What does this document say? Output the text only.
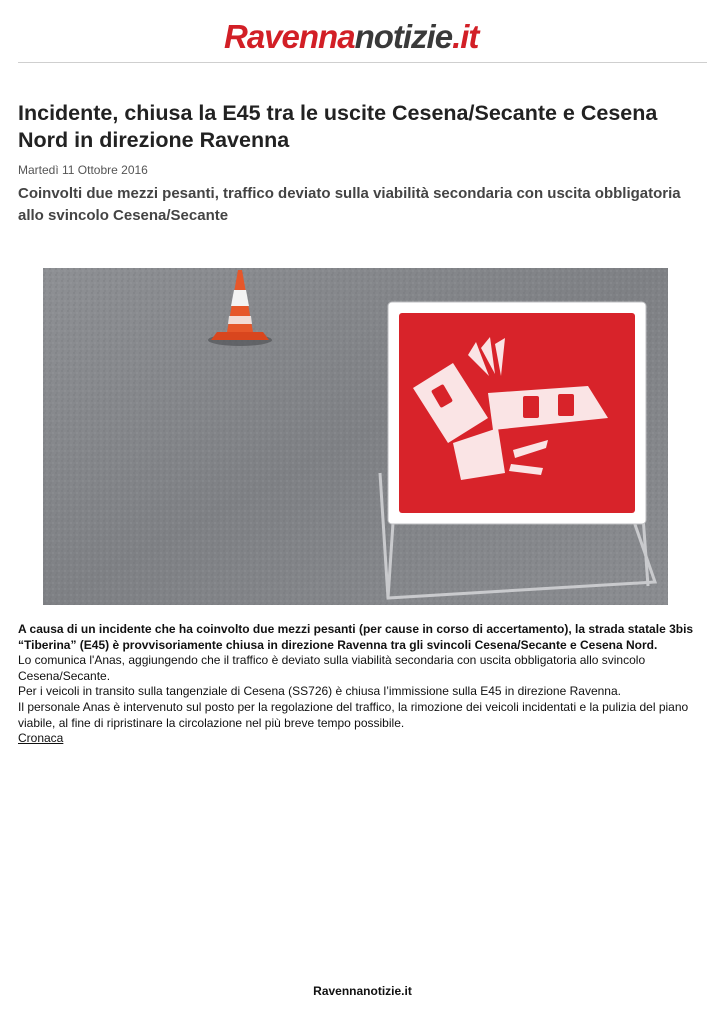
Ravennanotizie.it
Incidente, chiusa la E45 tra le uscite Cesena/Secante e Cesena Nord in direzione Ravenna
Martedì 11 Ottobre 2016

Coinvolti due mezzi pesanti, traffico deviato sulla viabilità secondaria con uscita obbligatoria allo svincolo Cesena/Secante

A causa di un incidente che ha coinvolto due mezzi pesanti (per cause in corso di accertamento), la strada statale 3bis “Tiberina” (E45) è provvisoriamente chiusa in direzione Ravenna tra gli svincoli Cesena/Secante e Cesena Nord.

Lo comunica l'Anas, aggiungendo che il traffico è deviato sulla viabilità secondaria con uscita obbligatoria allo svincolo Cesena/Secante.

Per i veicoli in transito sulla tangenziale di Cesena (SS726) è chiusa l’immissione sulla E45 in direzione Ravenna.

Il personale Anas è intervenuto sul posto per la regolazione del traffico, la rimozione dei veicoli incidentati e la pulizia del piano viabile, al fine di ripristinare la circolazione nel più breve tempo possibile.

Cronaca
Ravennanotizie.it
